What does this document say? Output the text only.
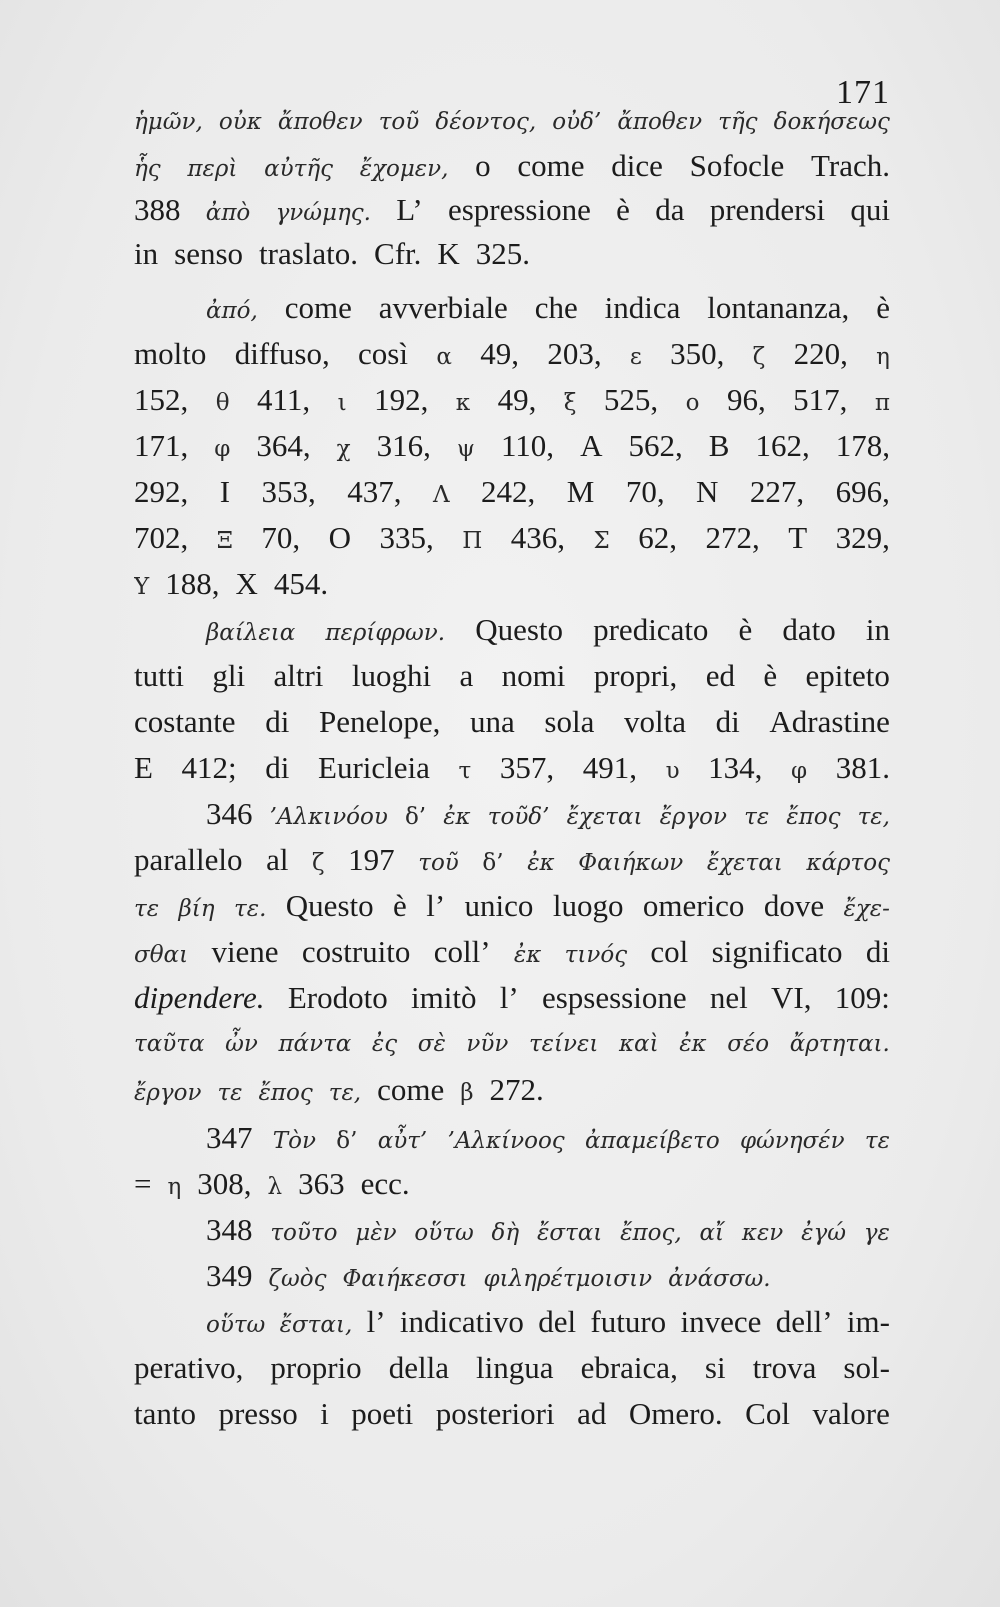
171
ἡμῶν, οὐκ ἄποθεν τοῦ δέοντος, οὐδ’ ἄποθεν τῆς δοκήσεως
ἧς περὶ αὐτῆς ἔχομεν, o come dice Sofocle Trach.
388 ἀπὸ γνώμης. L’ espressione è da prendersi qui
in senso traslato. Cfr. K 325.
ἀπό, come avverbiale che indica lontananza, è
molto diffuso, così α 49, 203, ε 350, ζ 220, η
152, θ 411, ι 192, κ 49, ξ 525, ο 96, 517, π
171, φ 364, χ 316, ψ 110, A 562, B 162, 178,
292, I 353, 437, Λ 242, M 70, N 227, 696,
702, Ξ 70, O 335, Π 436, Σ 62, 272, T 329,
Υ 188, X 454.
βαίλεια περίφρων. Questo predicato è dato in
tutti gli altri luoghi a nomi propri, ed è epiteto
costante di Penelope, una sola volta di Adrastine
E 412; di Euricleia τ 357, 491, υ 134, φ 381.
346 ’Αλκινόου δ’ ἐκ τοῦδ’ ἔχεται ἔργον τε ἔπος τε,
parallelo al ζ 197 τοῦ δ’ ἐκ Φαιήκων ἔχεται κάρτος
τε βίη τε. Questo è l’ unico luogo omerico dove ἔχε-
σθαι viene costruito coll’ ἐκ τινός col significato di
dipendere. Erodoto imitò l’ espsessione nel VI, 109:
ταῦτα ὦν πάντα ἐς σὲ νῦν τείνει καὶ ἐκ σέο ἄρτηται.
ἔργον τε ἔπος τε, come β 272.
347 Τὸν δ’ αὖτ’ ’Αλκίνοος ἀπαμείβετο φώνησέν τε
= η 308, λ 363 ecc.
348 τοῦτο μὲν οὕτω δὴ ἔσται ἔπος, αἴ κεν ἐγώ γε
349 ζωὸς Φαιήκεσσι φιληρέτμοισιν ἀνάσσω.
οὕτω ἔσται, l’ indicativo del futuro invece dell’ im-
perativo, proprio della lingua ebraica, si trova sol-
tanto presso i poeti posteriori ad Omero. Col valore
